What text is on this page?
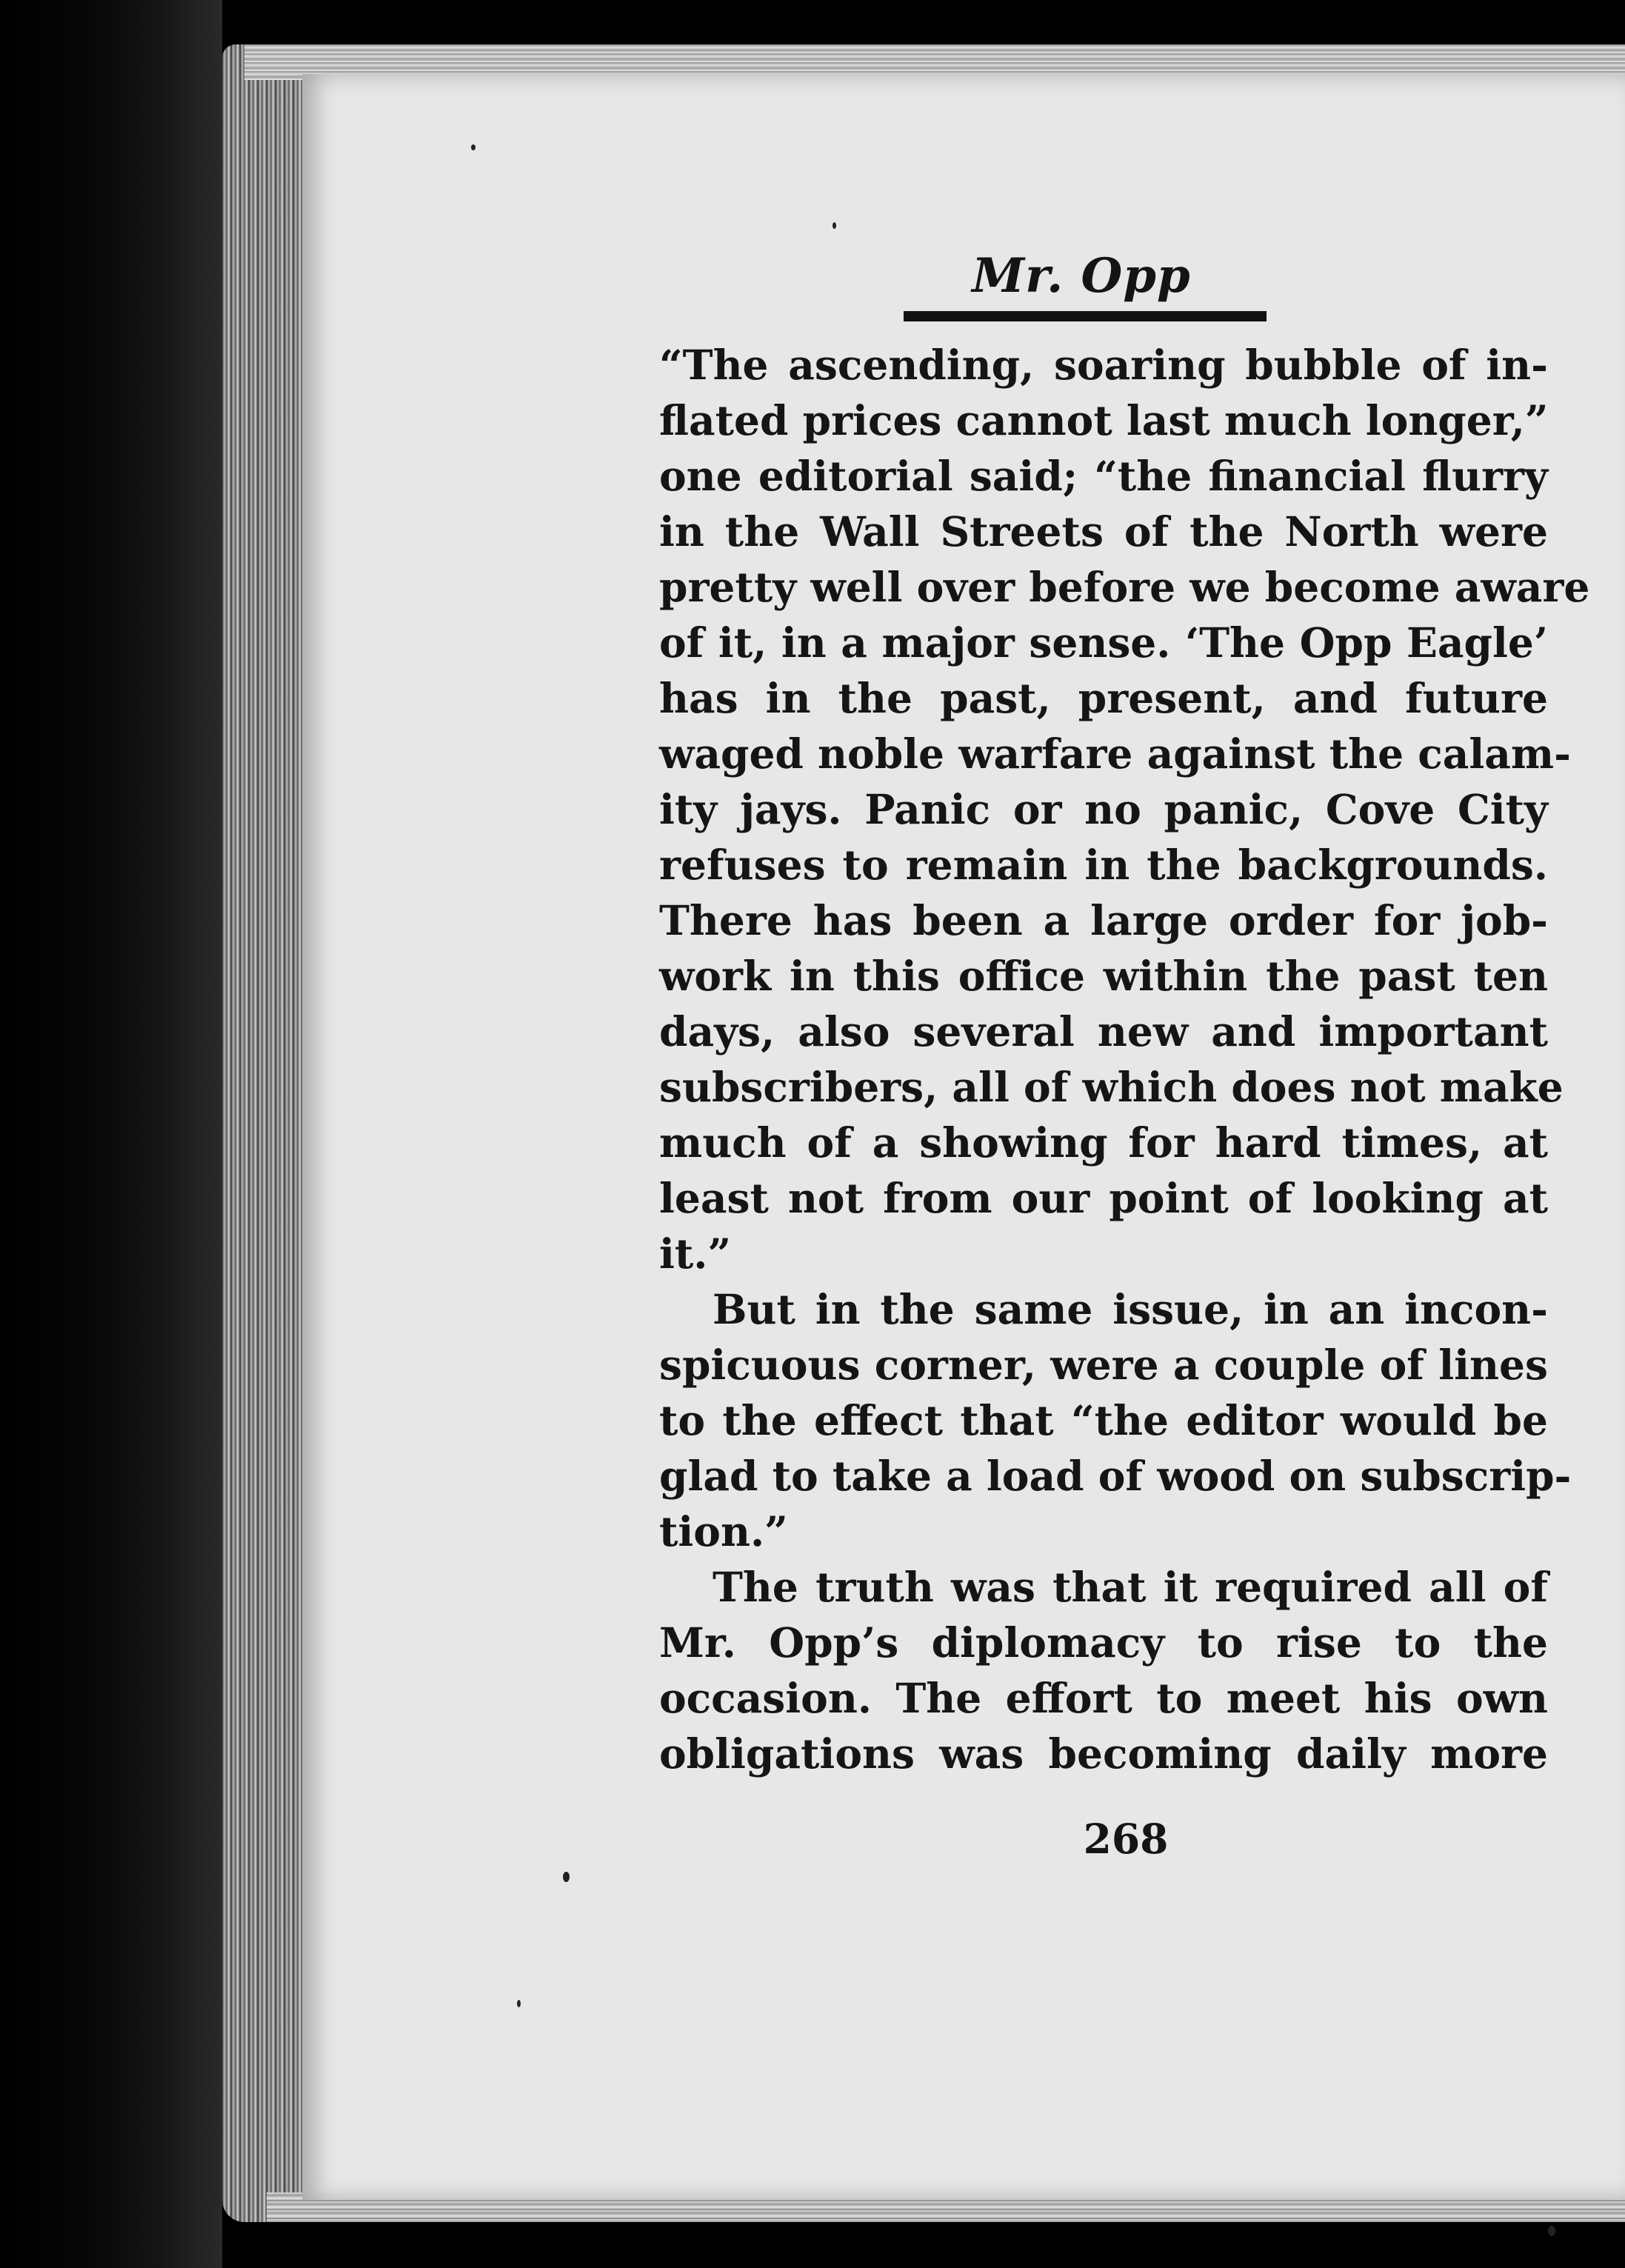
Mr. Opp
“The ascending, soaring bubble of in-
flated prices cannot last much longer,”
one editorial said; “the financial flurry
in the Wall Streets of the North were
pretty well over before we become aware
of it, in a major sense. ‘The Opp Eagle’
has in the past, present, and future
waged noble warfare against the calam-
ity jays. Panic or no panic, Cove City
refuses to remain in the backgrounds.
There has been a large order for job-
work in this office within the past ten
days, also several new and important
subscribers, all of which does not make
much of a showing for hard times, at
least not from our point of looking at
it.”
But in the same issue, in an incon-
spicuous corner, were a couple of lines
to the effect that “the editor would be
glad to take a load of wood on subscrip-
tion.”
The truth was that it required all of
Mr. Opp’s diplomacy to rise to the
occasion. The effort to meet his own
obligations was becoming daily more
268
